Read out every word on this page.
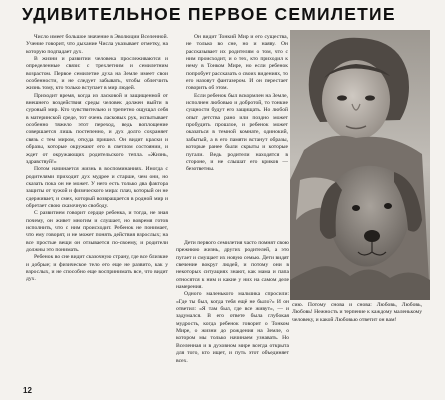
УДИВИТЕЛЬНОЕ ПЕРВОЕ СЕМИЛЕТИЕ

Число имеет большое значение в Эволюции Вселенной. Учение говорит, что дыхание Числа указывает отметку, на которую подпадает дух.

В жизни и развитии человека прослеживаются и определенные связи: с трехлетним и семилетним возрастом. Первое семилетие духа на Земле имеет свои особенности, и не следует забывать, чтобы облегчить жизнь тому, кто только вступает в мир людей.

Приходит время, когда из ласковой и защищенной от внешнего воздействия среды человек должен выйти в суровый мир. Кто чувствительно и трепетно ощущал себя в материнской среде, тот очень ласковых рук, испытывает особенно тяжело этот переход, ведь воплощение совершается лишь постепенно, и дух долго сохраняет связь с тем миром, откуда пришел. Он видит краски и образы, которые окружают его в светлом состоянии, и ждет от окружающих родительского тепла. «Жизнь, здравствуй!»

Потом начинается жизнь в воспоминаниях. Иногда с родителями приходит дух мудрее и старше, чем они, но сказать пока он не может. У него есть только два фактора защиты от чужой и физического мира: плач, который он не сдерживает, и смех, который возвращается в родной мир и обретает свою сказочную свободу.

С развитием говорит сердце ребенка, и тогда, не зная почему, он живет многим и слушает, но вовремя готов исполнить, что с ним происходит. Ребенок не понимает, что ему говорят, и не может понять действия взрослых; на все простые вещи он отзывается по-своему, и родители должны это понимать.

Ребенок во сне видит сказочную страну, где все близкие и добрые; и физическое тело его еще не развито, как у взрослых, и не способно еще воспринимать все, что видит дух.

Он видит Тонкий Мир и его существа, не только во сне, но и наяву. Он рассказывает их родителям о том, что с ним происходит, и о тех, кто приходил к нему в Тонком Мире, но если ребенок попробует рассказать о своих видениях, то его назовут фантазером. И он перестает говорить об этом.

Если ребенок был вскормлен на Земле, исполнен любовью и добротой, то тонкие сущности будут его защищать. Но любой опыт детства рано или поздно может пробудить прошлое, и ребенок может оказаться в темной комнате, одинокий, забытый, а в его памяти встанут образы, которые ранее были скрыты и которые пугали. Ведь родители находятся в стороне, и не слышат его криков — безответны.

Дети первого семилетия часто помнят свою прежнюю жизнь, других родителей, а это пугает и смущает их новую семью. Дети видят свечение вокруг людей, и потому они в некоторых ситуациях знают, как мама и папа относятся к ним и какие у них на самом деле намерения.

Одного маленького мальчика спросили: «Где ты был, когда тебя ещё не было?» И он ответил: «Я там был, где все живут», — и задумался. В его ответе была глубокая мудрость, когда ребенок говорит о Тонком Мире, о жизни до рождения на Земле, о котором мы только начинаем узнавать. Но Вселенная и в духовном мире всегда открыта для того, кто ищет, и путь этот объединяет всех.

сию. Потому снова и снова: Любовь, Любовь, Любовь! Нежность и терпение к каждому маленькому человеку, и какой Любовью ответит он вам!

12
